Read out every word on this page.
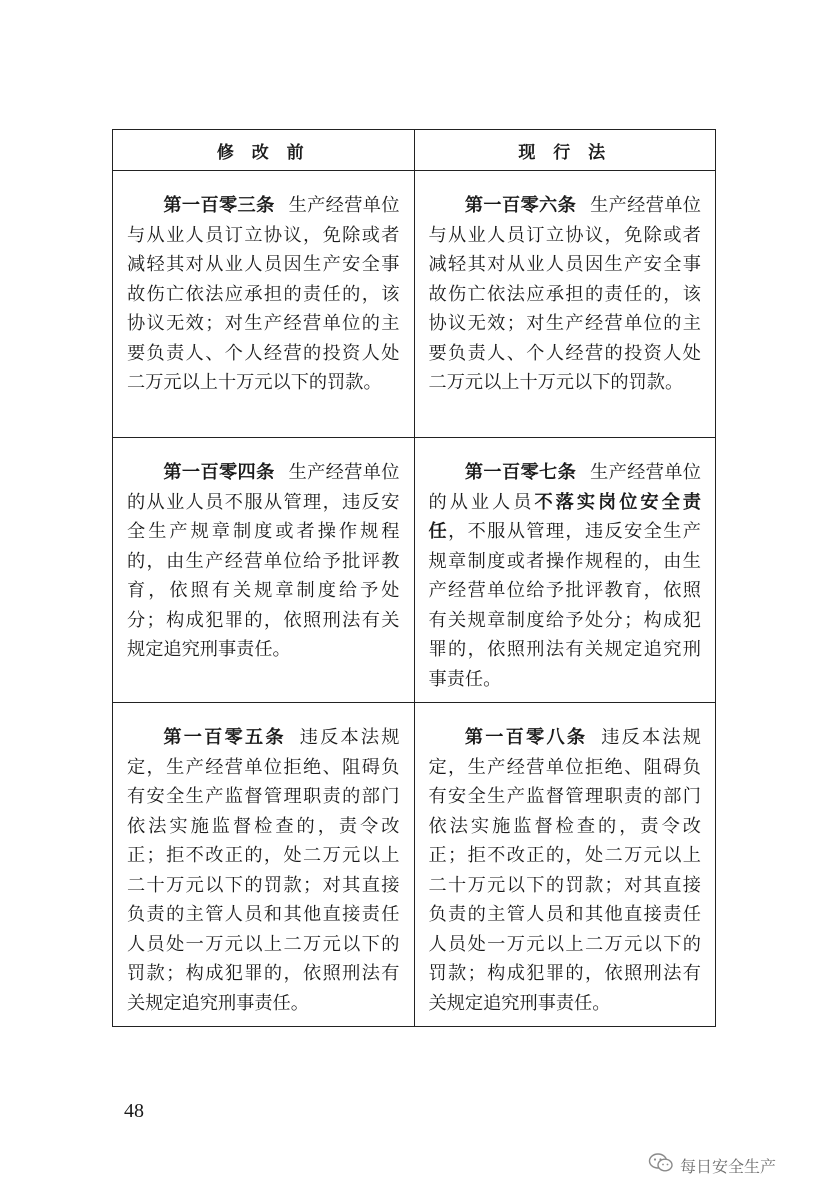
修 改 前	现 行 法

第一百零三条 生产经营单位与从业人员订立协议，免除或者减轻其对从业人员因生产安全事故伤亡依法应承担的责任的，该协议无效；对生产经营单位的主要负责人、个人经营的投资人处二万元以上十万元以下的罚款。	第一百零六条 生产经营单位与从业人员订立协议，免除或者减轻其对从业人员因生产安全事故伤亡依法应承担的责任的，该协议无效；对生产经营单位的主要负责人、个人经营的投资人处二万元以上十万元以下的罚款。

第一百零四条 生产经营单位的从业人员不服从管理，违反安全生产规章制度或者操作规程的，由生产经营单位给予批评教育，依照有关规章制度给予处分；构成犯罪的，依照刑法有关规定追究刑事责任。	第一百零七条 生产经营单位的从业人员不落实岗位安全责任，不服从管理，违反安全生产规章制度或者操作规程的，由生产经营单位给予批评教育，依照有关规章制度给予处分；构成犯罪的，依照刑法有关规定追究刑事责任。

第一百零五条 违反本法规定，生产经营单位拒绝、阻碍负有安全生产监督管理职责的部门依法实施监督检查的，责令改正；拒不改正的，处二万元以上二十万元以下的罚款；对其直接负责的主管人员和其他直接责任人员处一万元以上二万元以下的罚款；构成犯罪的，依照刑法有关规定追究刑事责任。	第一百零八条 违反本法规定，生产经营单位拒绝、阻碍负有安全生产监督管理职责的部门依法实施监督检查的，责令改正；拒不改正的，处二万元以上二十万元以下的罚款；对其直接负责的主管人员和其他直接责任人员处一万元以上二万元以下的罚款；构成犯罪的，依照刑法有关规定追究刑事责任。

48
每日安全生产
